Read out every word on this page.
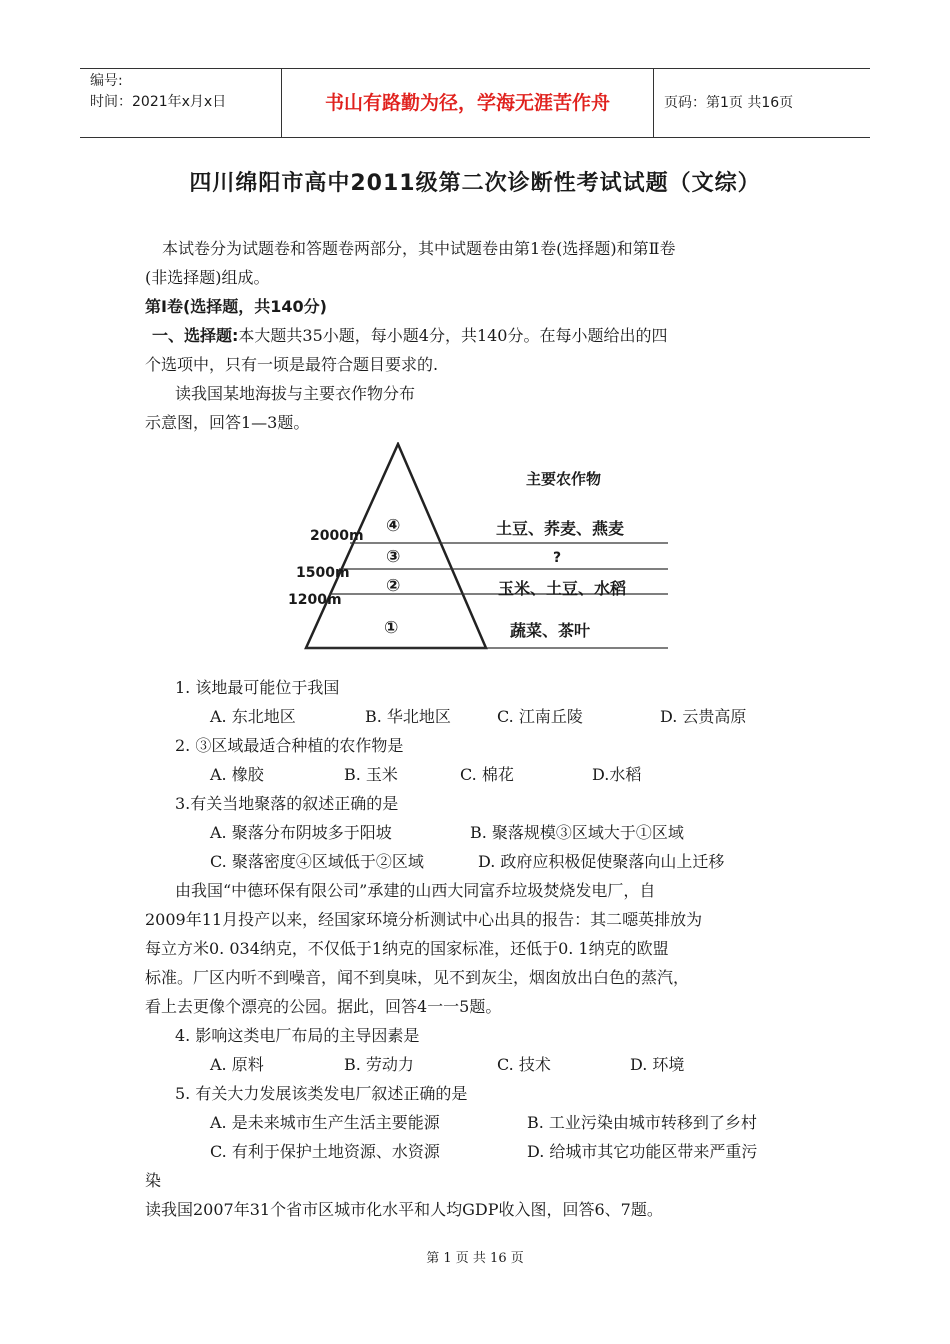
编号:
时间：2021年x月x日	书山有路勤为径，学海无涯苦作舟	页码：第1页 共16页
四川绵阳市高中2011级第二次诊断性考试试题（文综）
本试卷分为试题卷和答题卷两部分，其中试题卷由第1卷(选择题)和第Ⅱ卷
(非选择题)组成。
第Ⅰ卷(选择题，共140分)
一、选择题:本大题共35小题，每小题4分，共140分。在每小题给出的四
个选项中，只有一顷是最符合题目要求的.
读我国某地海拔与主要衣作物分布
示意图，回答1—3题。
主要农作物
2000m
1500m
1200m
④	土豆、荞麦、燕麦
③	?
②	玉米、土豆、水稻
①	蔬菜、茶叶
1. 该地最可能位于我国
A. 东北地区	B. 华北地区	C. 江南丘陵	D. 云贵高原
2. ③区域最适合种植的农作物是
A. 橡胶	B. 玉米	C. 棉花	D.水稻
3.有关当地聚落的叙述正确的是
A. 聚落分布阴坡多于阳坡	B. 聚落规模③区域大于①区域
C. 聚落密度④区域低于②区域	D. 政府应积极促使聚落向山上迁移
由我国“中德环保有限公司”承建的山西大同富乔垃圾焚烧发电厂，自
2009年11月投产以来，经国家环境分析测试中心出具的报告：其二噁英排放为
每立方米0. 034纳克，不仅低于1纳克的国家标准，还低于0. 1纳克的欧盟
标准。厂区内听不到噪音，闻不到臭味，见不到灰尘，烟囱放出白色的蒸汽，
看上去更像个漂亮的公园。据此，回答4一一5题。
4. 影响这类电厂布局的主导因素是
A. 原料	B. 劳动力	C. 技术	D. 环境
5. 有关大力发展该类发电厂叙述正确的是
A. 是未来城市生产生活主要能源	B. 工业污染由城市转移到了乡村
C. 有利于保护土地资源、水资源	D. 给城市其它功能区带来严重污
染
读我国2007年31个省市区城市化水平和人均GDP收入图，回答6、7题。
第 1 页 共 16 页
